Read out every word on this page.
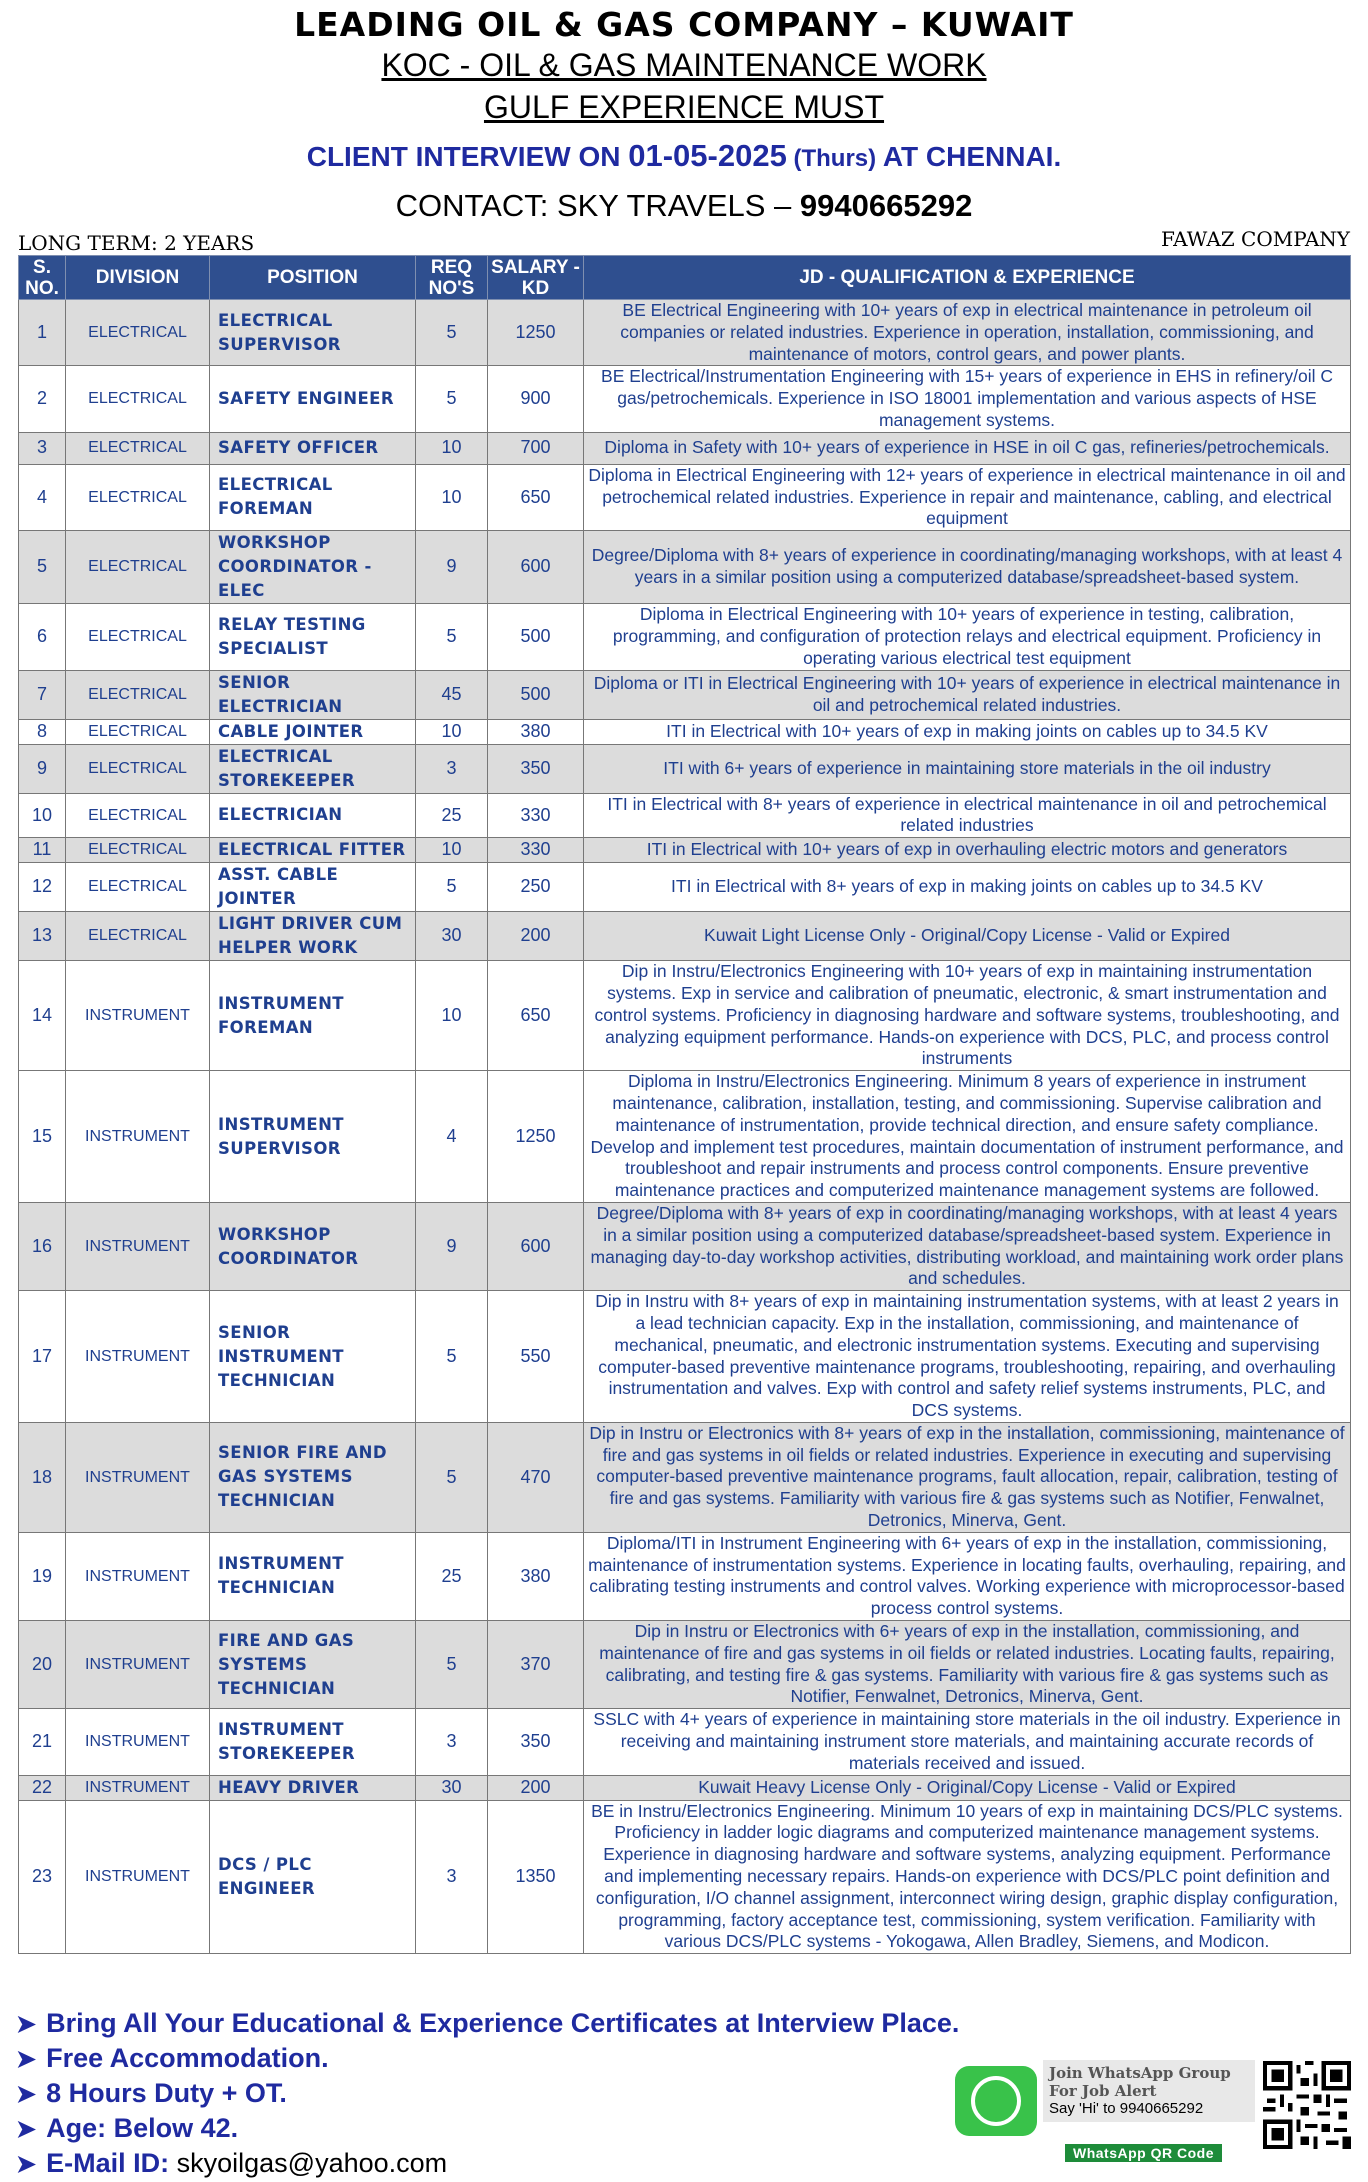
LEADING OIL & GAS COMPANY – KUWAIT
KOC - OIL & GAS MAINTENANCE WORK
GULF EXPERIENCE MUST
CLIENT INTERVIEW ON 01-05-2025 (Thurs) AT CHENNAI.
CONTACT: SKY TRAVELS – 9940665292
LONG TERM: 2 YEARS	FAWAZ COMPANY
S. NO.	DIVISION	POSITION	REQ NO'S	SALARY - KD	JD - QUALIFICATION & EXPERIENCE
1	ELECTRICAL	ELECTRICAL SUPERVISOR	5	1250	BE Electrical Engineering with 10+ years of exp in electrical maintenance in petroleum oil companies or related industries. Experience in operation, installation, commissioning, and maintenance of motors, control gears, and power plants.
2	ELECTRICAL	SAFETY ENGINEER	5	900	BE Electrical/Instrumentation Engineering with 15+ years of experience in EHS in refinery/oil C gas/petrochemicals. Experience in ISO 18001 implementation and various aspects of HSE management systems.
3	ELECTRICAL	SAFETY OFFICER	10	700	Diploma in Safety with 10+ years of experience in HSE in oil C gas, refineries/petrochemicals.
4	ELECTRICAL	ELECTRICAL FOREMAN	10	650	Diploma in Electrical Engineering with 12+ years of experience in electrical maintenance in oil and petrochemical related industries. Experience in repair and maintenance, cabling, and electrical equipment
5	ELECTRICAL	WORKSHOP COORDINATOR - ELEC	9	600	Degree/Diploma with 8+ years of experience in coordinating/managing workshops, with at least 4 years in a similar position using a computerized database/spreadsheet-based system.
6	ELECTRICAL	RELAY TESTING SPECIALIST	5	500	Diploma in Electrical Engineering with 10+ years of experience in testing, calibration, programming, and configuration of protection relays and electrical equipment. Proficiency in operating various electrical test equipment
7	ELECTRICAL	SENIOR ELECTRICIAN	45	500	Diploma or ITI in Electrical Engineering with 10+ years of experience in electrical maintenance in oil and petrochemical related industries.
8	ELECTRICAL	CABLE JOINTER	10	380	ITI in Electrical with 10+ years of exp in making joints on cables up to 34.5 KV
9	ELECTRICAL	ELECTRICAL STOREKEEPER	3	350	ITI with 6+ years of experience in maintaining store materials in the oil industry
10	ELECTRICAL	ELECTRICIAN	25	330	ITI in Electrical with 8+ years of experience in electrical maintenance in oil and petrochemical related industries
11	ELECTRICAL	ELECTRICAL FITTER	10	330	ITI in Electrical with 10+ years of exp in overhauling electric motors and generators
12	ELECTRICAL	ASST. CABLE JOINTER	5	250	ITI in Electrical with 8+ years of exp in making joints on cables up to 34.5 KV
13	ELECTRICAL	LIGHT DRIVER CUM HELPER WORK	30	200	Kuwait Light License Only - Original/Copy License - Valid or Expired
14	INSTRUMENT	INSTRUMENT FOREMAN	10	650	Dip in Instru/Electronics Engineering with 10+ years of exp in maintaining instrumentation systems. Exp in service and calibration of pneumatic, electronic, & smart instrumentation and control systems. Proficiency in diagnosing hardware and software systems, troubleshooting, and analyzing equipment performance. Hands-on experience with DCS, PLC, and process control instruments
15	INSTRUMENT	INSTRUMENT SUPERVISOR	4	1250	Diploma in Instru/Electronics Engineering. Minimum 8 years of experience in instrument maintenance, calibration, installation, testing, and commissioning. Supervise calibration and maintenance of instrumentation, provide technical direction, and ensure safety compliance. Develop and implement test procedures, maintain documentation of instrument performance, and troubleshoot and repair instruments and process control components. Ensure preventive maintenance practices and computerized maintenance management systems are followed.
16	INSTRUMENT	WORKSHOP COORDINATOR	9	600	Degree/Diploma with 8+ years of exp in coordinating/managing workshops, with at least 4 years in a similar position using a computerized database/spreadsheet-based system. Experience in managing day-to-day workshop activities, distributing workload, and maintaining work order plans and schedules.
17	INSTRUMENT	SENIOR INSTRUMENT TECHNICIAN	5	550	Dip in Instru with 8+ years of exp in maintaining instrumentation systems, with at least 2 years in a lead technician capacity. Exp in the installation, commissioning, and maintenance of mechanical, pneumatic, and electronic instrumentation systems. Executing and supervising computer-based preventive maintenance programs, troubleshooting, repairing, and overhauling instrumentation and valves. Exp with control and safety relief systems instruments, PLC, and DCS systems.
18	INSTRUMENT	SENIOR FIRE AND GAS SYSTEMS TECHNICIAN	5	470	Dip in Instru or Electronics with 8+ years of exp in the installation, commissioning, maintenance of fire and gas systems in oil fields or related industries. Experience in executing and supervising computer-based preventive maintenance programs, fault allocation, repair, calibration, testing of fire and gas systems. Familiarity with various fire & gas systems such as Notifier, Fenwalnet, Detronics, Minerva, Gent.
19	INSTRUMENT	INSTRUMENT TECHNICIAN	25	380	Diploma/ITI in Instrument Engineering with 6+ years of exp in the installation, commissioning, maintenance of instrumentation systems. Experience in locating faults, overhauling, repairing, and calibrating testing instruments and control valves. Working experience with microprocessor-based process control systems.
20	INSTRUMENT	FIRE AND GAS SYSTEMS TECHNICIAN	5	370	Dip in Instru or Electronics with 6+ years of exp in the installation, commissioning, and maintenance of fire and gas systems in oil fields or related industries. Locating faults, repairing, calibrating, and testing fire & gas systems. Familiarity with various fire & gas systems such as Notifier, Fenwalnet, Detronics, Minerva, Gent.
21	INSTRUMENT	INSTRUMENT STOREKEEPER	3	350	SSLC with 4+ years of experience in maintaining store materials in the oil industry. Experience in receiving and maintaining instrument store materials, and maintaining accurate records of materials received and issued.
22	INSTRUMENT	HEAVY DRIVER	30	200	Kuwait Heavy License Only - Original/Copy License - Valid or Expired
23	INSTRUMENT	DCS / PLC ENGINEER	3	1350	BE in Instru/Electronics Engineering. Minimum 10 years of exp in maintaining DCS/PLC systems. Proficiency in ladder logic diagrams and computerized maintenance management systems. Experience in diagnosing hardware and software systems, analyzing equipment. Performance and implementing necessary repairs. Hands-on experience with DCS/PLC point definition and configuration, I/O channel assignment, interconnect wiring design, graphic display configuration, programming, factory acceptance test, commissioning, system verification. Familiarity with various DCS/PLC systems - Yokogawa, Allen Bradley, Siemens, and Modicon.
➤ Bring All Your Educational & Experience Certificates at Interview Place.
➤ Free Accommodation.
➤ 8 Hours Duty + OT.
➤ Age: Below 42.
➤ E-Mail ID: skyoilgas@yahoo.com
Join WhatsApp Group
For Job Alert
Say 'Hi' to 9940665292
WhatsApp QR Code
